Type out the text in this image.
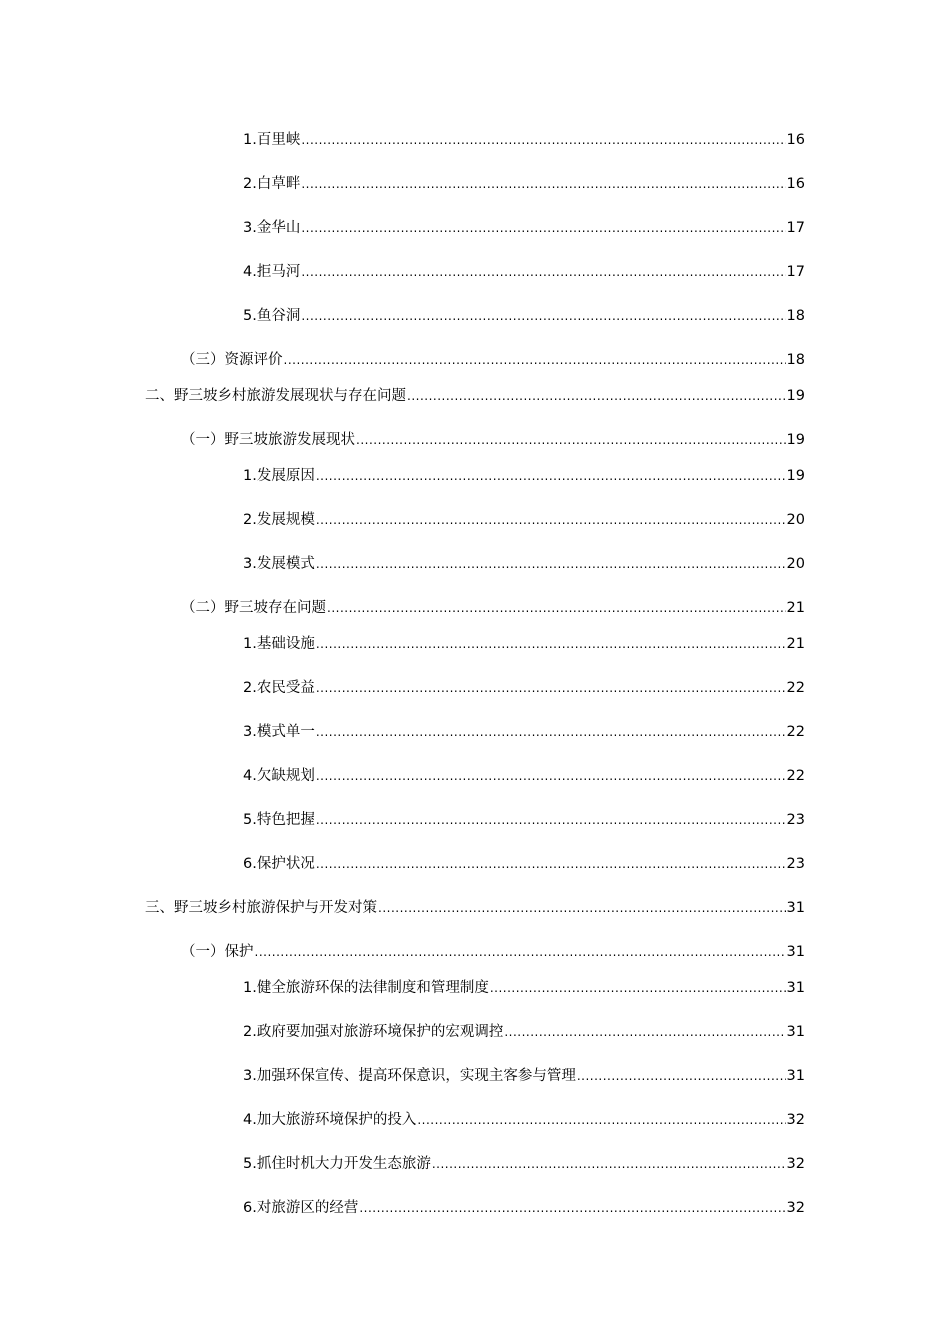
1.百里峡 .....	16
2.白草畔 .....	16
3.金华山 .....	17
4.拒马河 .....	17
5.鱼谷洞 .....	18
（三）资源评价 .....	18
二、野三坡乡村旅游发展现状与存在问题 .....	19
（一）野三坡旅游发展现状 .....	19
1.发展原因 .....	19
2.发展规模 .....	20
3.发展模式 .....	20
（二）野三坡存在问题 .....	21
1.基础设施 .....	21
2.农民受益 .....	22
3.模式单一 .....	22
4.欠缺规划 .....	22
5.特色把握 .....	23
6.保护状况 .....	23
三、野三坡乡村旅游保护与开发对策 .....	31
（一）保护 .....	31
1.健全旅游环保的法律制度和管理制度 .....	31
2.政府要加强对旅游环境保护的宏观调控 .....	31
3.加强环保宣传、提高环保意识，实现主客参与管理 .....	31
4.加大旅游环境保护的投入 .....	32
5.抓住时机大力开发生态旅游 .....	32
6.对旅游区的经营 .....	32
